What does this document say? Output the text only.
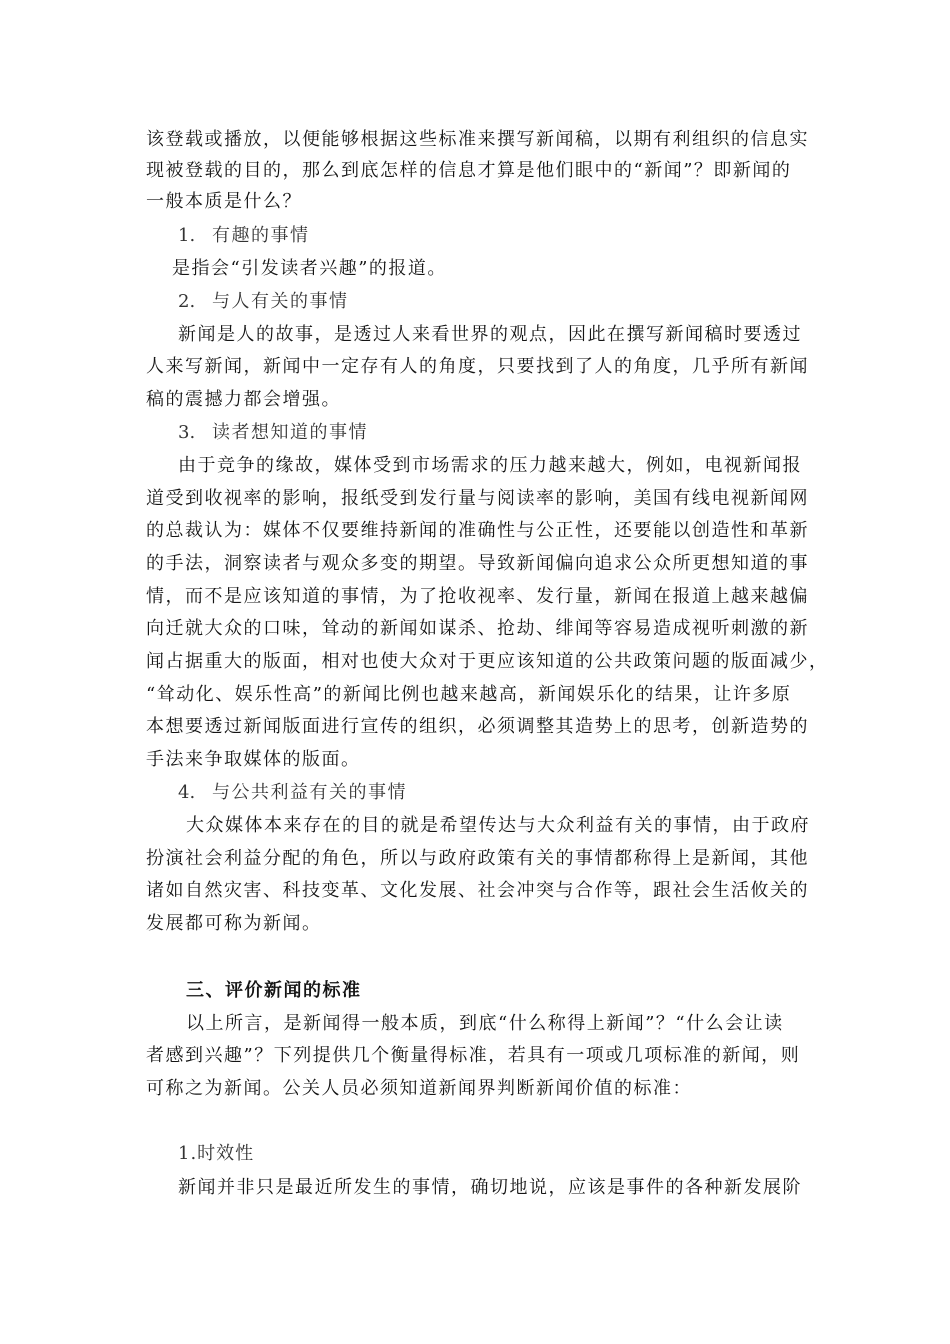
该登载或播放，以便能够根据这些标准来撰写新闻稿，以期有利组织的信息实
现被登载的目的，那么到底怎样的信息才算是他们眼中的“新闻”？即新闻的
一般本质是什么？
1. 有趣的事情
是指会“引发读者兴趣”的报道。
2. 与人有关的事情
新闻是人的故事，是透过人来看世界的观点，因此在撰写新闻稿时要透过
人来写新闻，新闻中一定存有人的角度，只要找到了人的角度，几乎所有新闻
稿的震撼力都会增强。
3. 读者想知道的事情
由于竞争的缘故，媒体受到市场需求的压力越来越大，例如，电视新闻报
道受到收视率的影响，报纸受到发行量与阅读率的影响，美国有线电视新闻网
的总裁认为：媒体不仅要维持新闻的准确性与公正性，还要能以创造性和革新
的手法，洞察读者与观众多变的期望。导致新闻偏向追求公众所更想知道的事
情，而不是应该知道的事情，为了抢收视率、发行量，新闻在报道上越来越偏
向迁就大众的口味，耸动的新闻如谋杀、抢劫、绯闻等容易造成视听刺激的新
闻占据重大的版面，相对也使大众对于更应该知道的公共政策问题的版面减少，
“耸动化、娱乐性高”的新闻比例也越来越高，新闻娱乐化的结果，让许多原
本想要透过新闻版面进行宣传的组织，必须调整其造势上的思考，创新造势的
手法来争取媒体的版面。
4. 与公共利益有关的事情
大众媒体本来存在的目的就是希望传达与大众利益有关的事情，由于政府
扮演社会利益分配的角色，所以与政府政策有关的事情都称得上是新闻，其他
诸如自然灾害、科技变革、文化发展、社会冲突与合作等，跟社会生活攸关的
发展都可称为新闻。
三、评价新闻的标准
以上所言，是新闻得一般本质，到底“什么称得上新闻”？“什么会让读
者感到兴趣”？下列提供几个衡量得标准，若具有一项或几项标准的新闻，则
可称之为新闻。公关人员必须知道新闻界判断新闻价值的标准：
1.时效性
新闻并非只是最近所发生的事情，确切地说，应该是事件的各种新发展阶
